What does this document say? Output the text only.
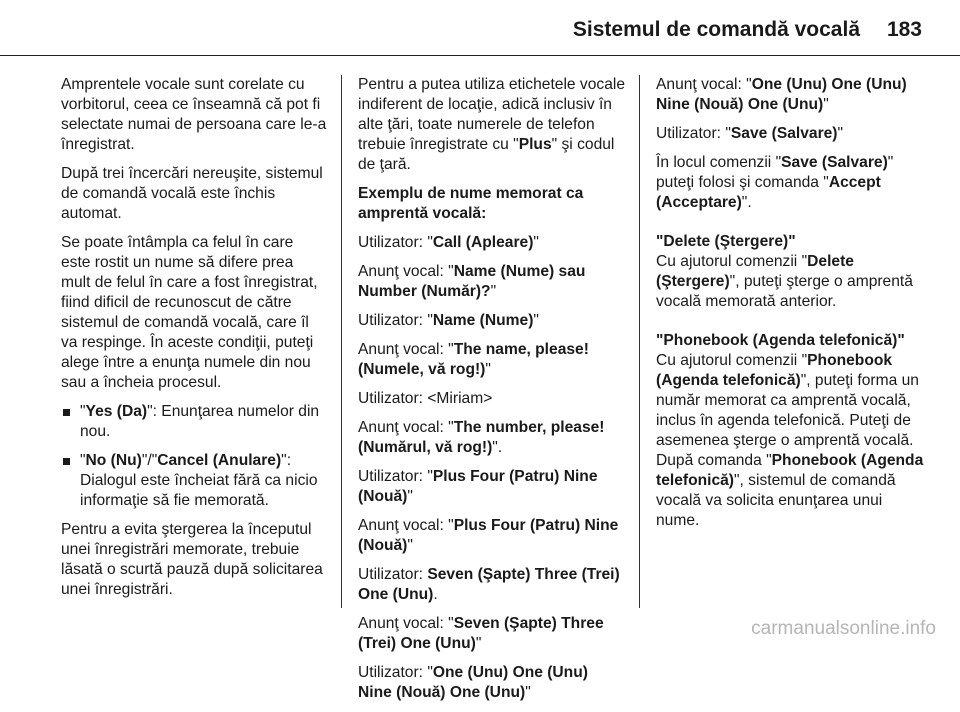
Sistemul de comandă vocală 183

Amprentele vocale sunt corelate cu vorbitorul, ceea ce înseamnă că pot fi selectate numai de persoana care le-a înregistrat.

După trei încercări nereuşite, sistemul de comandă vocală este închis automat.

Se poate întâmpla ca felul în care este rostit un nume să difere prea mult de felul în care a fost înregistrat, fiind dificil de recunoscut de către sistemul de comandă vocală, care îl va respinge. În aceste condiţii, puteţi alege între a enunţa numele din nou sau a încheia procesul.

"Yes (Da)": Enunţarea numelor din nou.
"No (Nu)"/"Cancel (Anulare)": Dialogul este încheiat fără ca nicio informaţie să fie memorată.

Pentru a evita ştergerea la începutul unei înregistrări memorate, trebuie lăsată o scurtă pauză după solicitarea unei înregistrări.

Pentru a putea utiliza etichetele vocale indiferent de locaţie, adică inclusiv în alte ţări, toate numerele de telefon trebuie înregistrate cu "Plus" şi codul de ţară.

Exemplu de nume memorat ca amprentă vocală:

Utilizator: "Call (Apleare)"

Anunţ vocal: "Name (Nume) sau Number (Număr)?"

Utilizator: "Name (Nume)"

Anunţ vocal: "The name, please! (Numele, vă rog!)"

Utilizator: <Miriam>

Anunţ vocal: "The number, please! (Numărul, vă rog!)".

Utilizator: "Plus Four (Patru) Nine (Nouă)"

Anunţ vocal: "Plus Four (Patru) Nine (Nouă)"

Utilizator: Seven (Şapte) Three (Trei) One (Unu).

Anunţ vocal: "Seven (Şapte) Three (Trei) One (Unu)"

Utilizator: "One (Unu) One (Unu) Nine (Nouă) One (Unu)"

Anunţ vocal: "One (Unu) One (Unu) Nine (Nouă) One (Unu)"

Utilizator: "Save (Salvare)"

În locul comenzii "Save (Salvare)" puteţi folosi şi comanda "Accept (Acceptare)".

"Delete (Ştergere)"

Cu ajutorul comenzii "Delete (Ştergere)", puteţi şterge o amprentă vocală memorată anterior.

"Phonebook (Agenda telefonică)"

Cu ajutorul comenzii "Phonebook (Agenda telefonică)", puteţi forma un număr memorat ca amprentă vocală, inclus în agenda telefonică. Puteţi de asemenea şterge o amprentă vocală. După comanda "Phonebook (Agenda telefonică)", sistemul de comandă vocală va solicita enunţarea unui nume.

carmanualsonline.info
